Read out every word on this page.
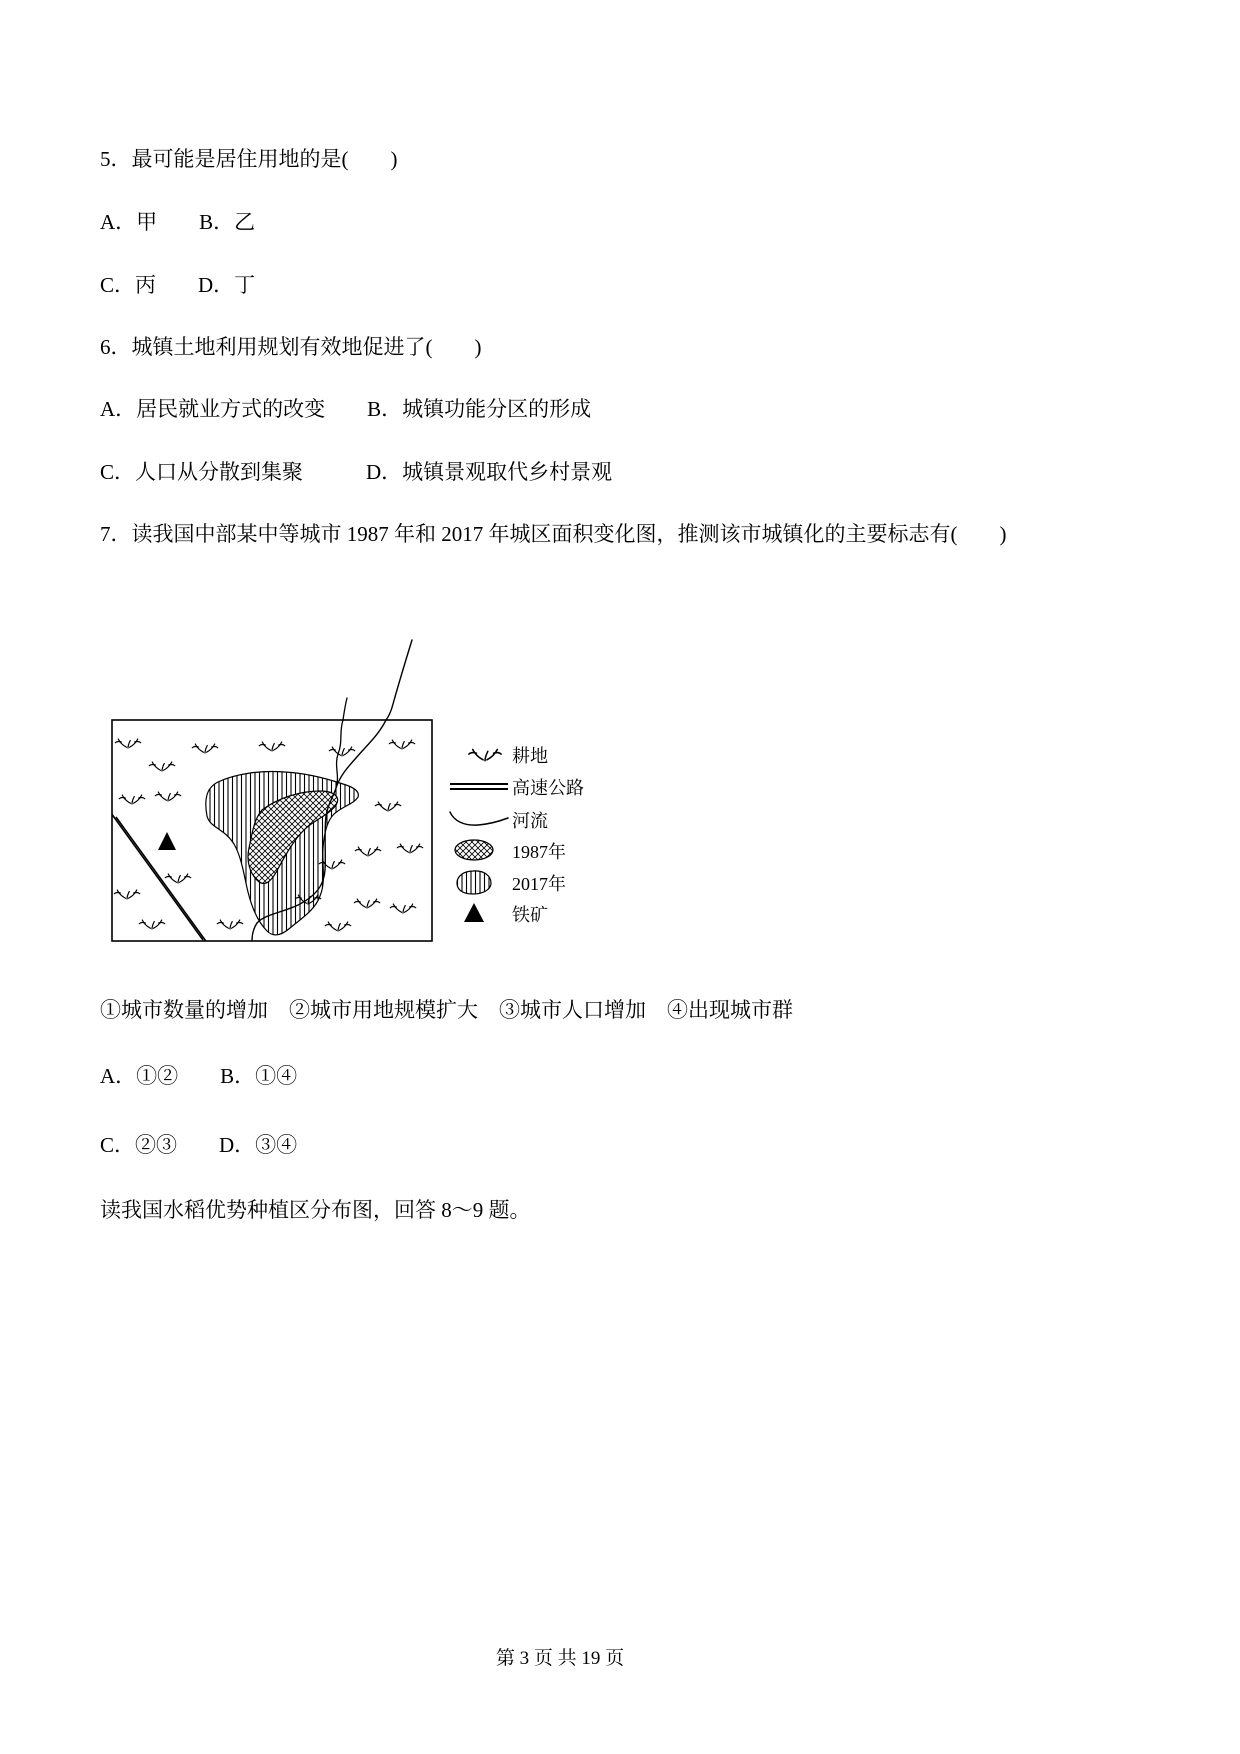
5．最可能是居住用地的是(　　)
A．甲　　B．乙
C．丙　　D．丁
6．城镇土地利用规划有效地促进了(　　)
A．居民就业方式的改变　　B．城镇功能分区的形成
C．人口从分散到集聚　　　D．城镇景观取代乡村景观
7．读我国中部某中等城市 1987 年和 2017 年城区面积变化图，推测该市城镇化的主要标志有(　　)
①城市数量的增加　②城市用地规模扩大　③城市人口增加　④出现城市群
A．①②　　B．①④
C．②③　　D．③④
读我国水稻优势种植区分布图，回答 8～9 题。
耕地
高速公路
河流
1987年
2017年
铁矿
第 3 页 共 19 页
